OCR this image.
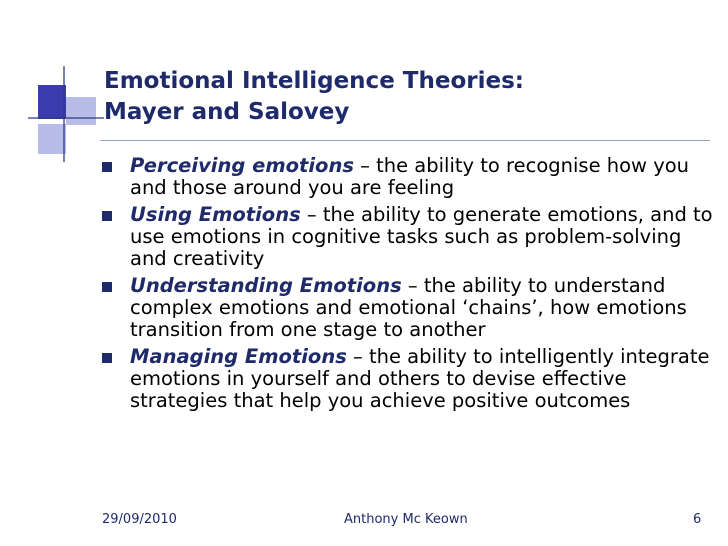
Emotional Intelligence Theories:
Mayer and Salovey
Perceiving emotions – the ability to recognise how you and those around you are feeling
Using Emotions – the ability to generate emotions, and to use emotions in cognitive tasks such as problem-solving and creativity
Understanding Emotions – the ability to understand complex emotions and emotional ‘chains’, how emotions transition from one stage to another
Managing Emotions – the ability to intelligently integrate emotions in yourself and others to devise effective strategies that help you achieve positive outcomes
29/09/2010	Anthony Mc Keown	6
